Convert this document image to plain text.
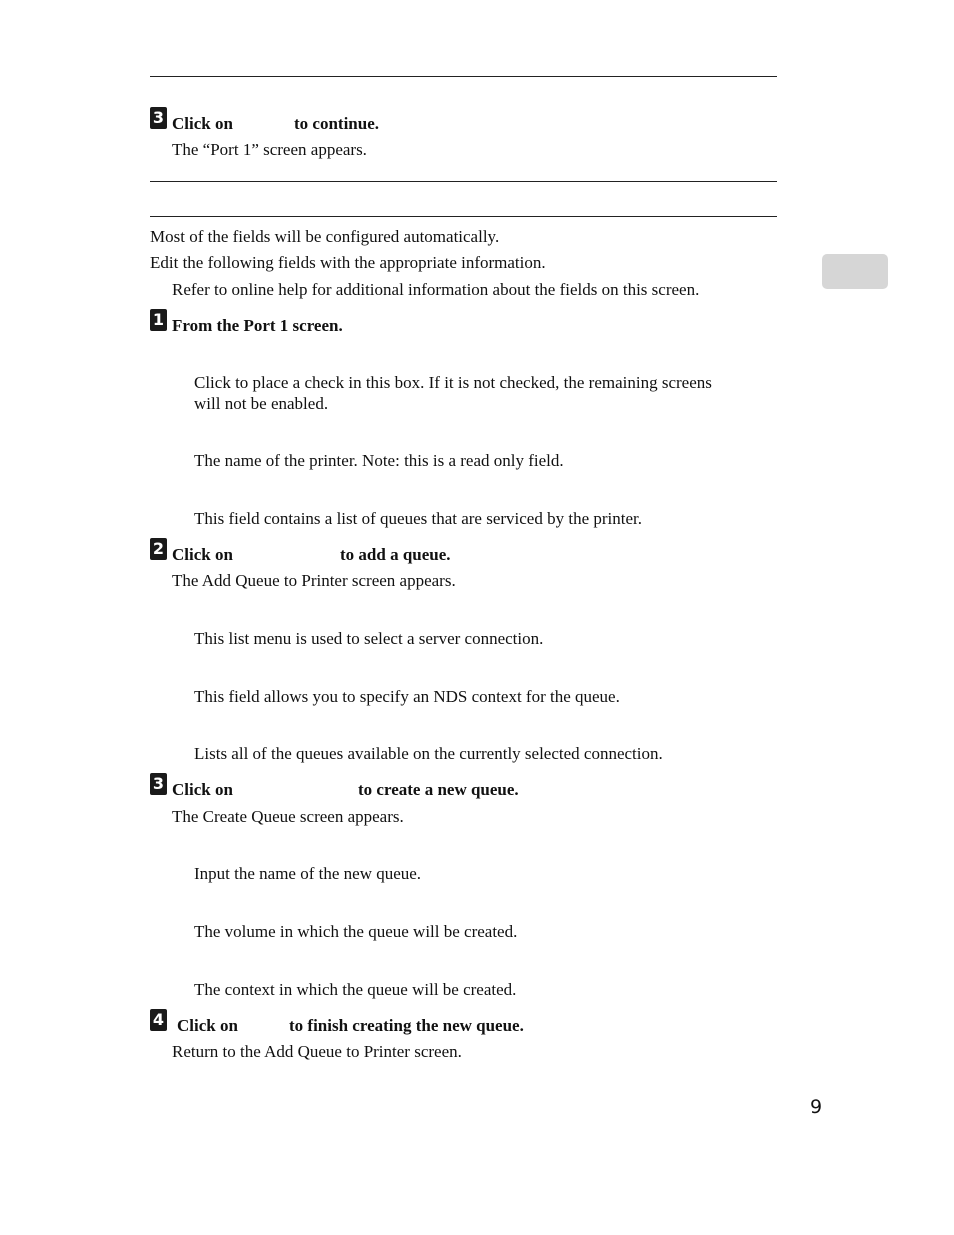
3 Click on	to continue.
The “Port 1” screen appears.
Most of the fields will be configured automatically.
Edit the following fields with the appropriate information.
Refer to online help for additional information about the fields on this screen.
1 From the Port 1 screen.
Click to place a check in this box. If it is not checked, the remaining screens
will not be enabled.
The name of the printer. Note: this is a read only field.
This field contains a list of queues that are serviced by the printer.
2 Click on	to add a queue.
The Add Queue to Printer screen appears.
This list menu is used to select a server connection.
This field allows you to specify an NDS context for the queue.
Lists all of the queues available on the currently selected connection.
3 Click on	to create a new queue.
The Create Queue screen appears.
Input the name of the new queue.
The volume in which the queue will be created.
The context in which the queue will be created.
4 Click on	to finish creating the new queue.
Return to the Add Queue to Printer screen.
9
